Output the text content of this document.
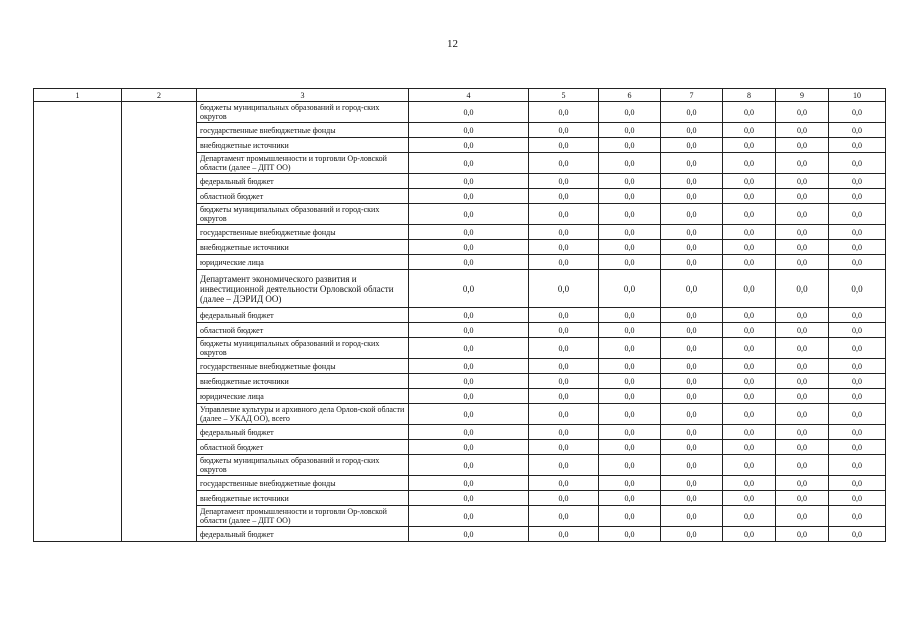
12
1	2	3	4	5	6	7	8	9	10
		бюджеты муниципальных образований и город-ских округов	0,0	0,0	0,0	0,0	0,0	0,0	0,0
		государственные внебюджетные фонды	0,0	0,0	0,0	0,0	0,0	0,0	0,0
		внебюджетные источники	0,0	0,0	0,0	0,0	0,0	0,0	0,0
		Департамент промышленности и торговли Ор-ловской области (далее – ДПТ ОО)	0,0	0,0	0,0	0,0	0,0	0,0	0,0
		федеральный бюджет	0,0	0,0	0,0	0,0	0,0	0,0	0,0
		областной бюджет	0,0	0,0	0,0	0,0	0,0	0,0	0,0
		бюджеты муниципальных образований и город-ских округов	0,0	0,0	0,0	0,0	0,0	0,0	0,0
		государственные внебюджетные фонды	0,0	0,0	0,0	0,0	0,0	0,0	0,0
		внебюджетные источники	0,0	0,0	0,0	0,0	0,0	0,0	0,0
		юридические лица	0,0	0,0	0,0	0,0	0,0	0,0	0,0
		Департамент экономического развития и инвестиционной деятельности Орловской области (далее – ДЭРИД ОО)	0,0	0,0	0,0	0,0	0,0	0,0	0,0
		федеральный бюджет	0,0	0,0	0,0	0,0	0,0	0,0	0,0
		областной бюджет	0,0	0,0	0,0	0,0	0,0	0,0	0,0
		бюджеты муниципальных образований и город-ских округов	0,0	0,0	0,0	0,0	0,0	0,0	0,0
		государственные внебюджетные фонды	0,0	0,0	0,0	0,0	0,0	0,0	0,0
		внебюджетные источники	0,0	0,0	0,0	0,0	0,0	0,0	0,0
		юридические лица	0,0	0,0	0,0	0,0	0,0	0,0	0,0
		Управление культуры и архивного дела Орлов-ской области (далее – УКАД ОО), всего	0,0	0,0	0,0	0,0	0,0	0,0	0,0
		федеральный бюджет	0,0	0,0	0,0	0,0	0,0	0,0	0,0
		областной бюджет	0,0	0,0	0,0	0,0	0,0	0,0	0,0
		бюджеты муниципальных образований и город-ских округов	0,0	0,0	0,0	0,0	0,0	0,0	0,0
		государственные внебюджетные фонды	0,0	0,0	0,0	0,0	0,0	0,0	0,0
		внебюджетные источники	0,0	0,0	0,0	0,0	0,0	0,0	0,0
		Департамент промышленности и торговли Ор-ловской области (далее – ДПТ ОО)	0,0	0,0	0,0	0,0	0,0	0,0	0,0
		федеральный бюджет	0,0	0,0	0,0	0,0	0,0	0,0	0,0
